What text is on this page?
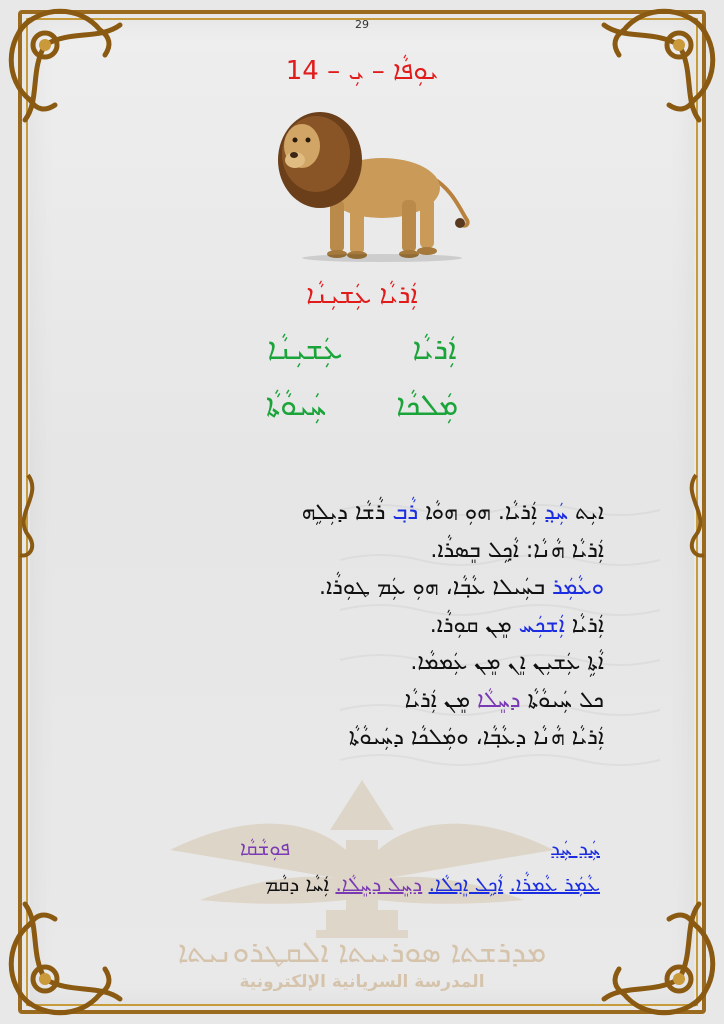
29
ܝܘܼܦܵܐ – ܝܼ – 14
ܐܲܪܝܵܐ ܥܲܫܝܼܢܵܐ
ܐܲܪܝܵܐ
ܥܲܫܝܼܢܵܐ
ܡܲܠܟܵܐ
ܚܲܝܘܵܬܵܐ
ܐܝܼܬ ܚܲܕ݂ ܐܲܪܝܵܐ. ܗܘܼ ܗܘܵܐ ܪܵܒ݂ ܪܵܫܵܐ ܕܝܼܠܹܗ
ܐܲܪܝܵܐ ܗܵܢܵܐ: ܐܵܟ݂ܹܠ ܒܸܣܪܵܐ.
ܘܥܵܡܲܪ ܒܚܲܝܠܐ ܥܵܒ݂ܵܐ، ܗܘܼ ܥܲܡ ܛܘܼܪܵܐ.
ܐܲܪܝܵܐ ܐܲܫܟܲܚ ܡܸܢ ܩܘܼܪܵܐ.
ܐܵܬܹܐ ܥܲܫܝܼܢ ܐܸܢ ܡܸܢ ܥܲܡܡܵܐ.
ܟܠ ܚܲܝܘܵܬܵܐ ܕܚܸܠܵܐ ܡܸܢ ܐܲܪܝܵܐ
ܐܲܪܝܵܐ ܗܵܢܵܐ ܕܥܵܒ݂ܵܐ، ܘܡܲܠܟܵܐ ܕܚܲܝܘܵܬܵܐ
ܡܕܪܫܬܐ ܣܘܪܝܝܬܐ ܐܠܩܛܪܘܢܝܬܐ
المدرسة السريانية الإلكترونية
ܚܲܕ݂ ܚܲܕ݂
ܦܘܼܫܵܩܵܐ
ܥܵܡܲܪ ܥܵܡܪܵܐ. ܐܵܟ݂ܹܠ ܐܸܟ݂ܠܵܐ. ܕܚܸܠ ܕܚܸܠܵܐ. ܐܲܚܵܐ ܕܩܵܡ
